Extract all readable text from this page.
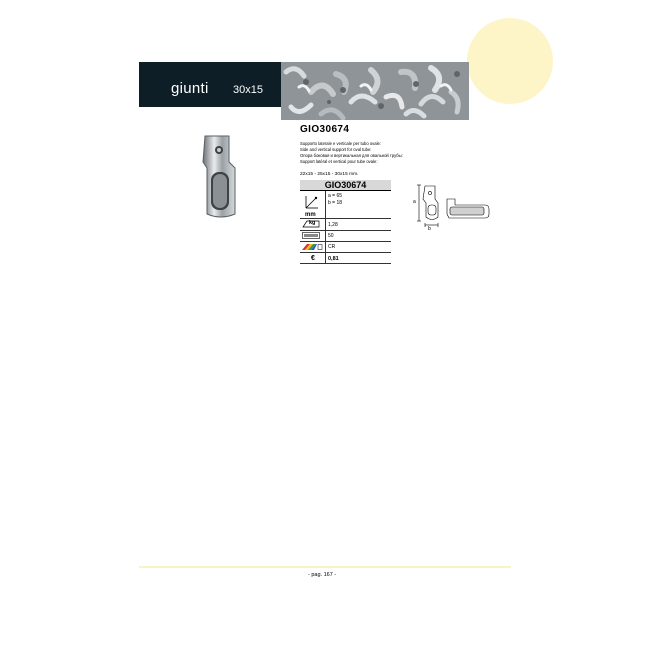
giunti 30x15
GIO30674
Supporto laterale e verticale per tubo ovale:
Side and vertical support for oval tube:
Support latéral et vertical pour tube ovale:
Опора боковая и вертикальная для овальной трубы:
22x15 - 25x15 - 30x15 mm.
GIO30674
mm
a = 65
b = 18
kg	1,28
50
CR
€ 0,81
a
b
- pag. 167 -
